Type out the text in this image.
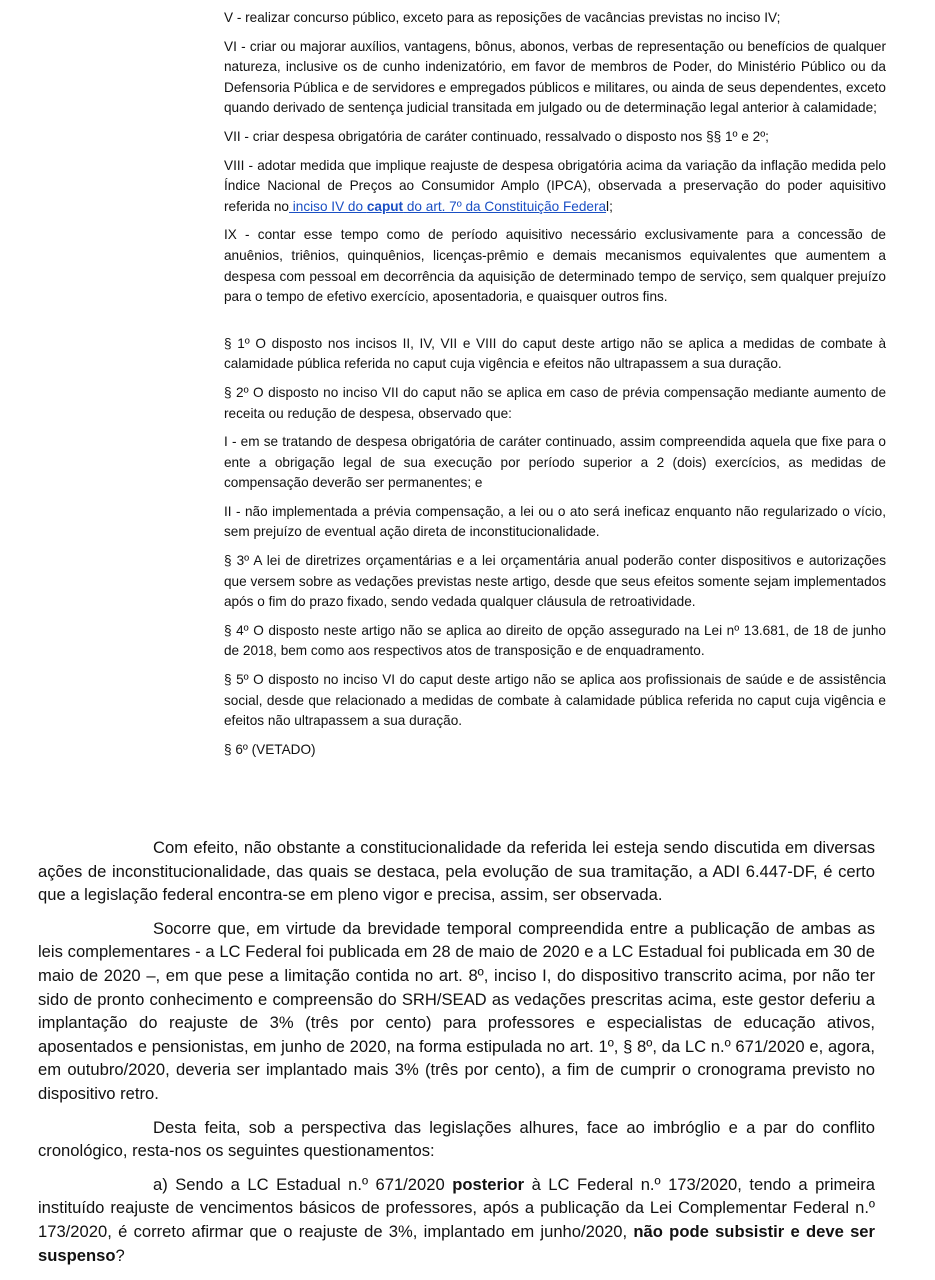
V - realizar concurso público, exceto para as reposições de vacâncias previstas no inciso IV;

VI - criar ou majorar auxílios, vantagens, bônus, abonos, verbas de representação ou benefícios de qualquer natureza, inclusive os de cunho indenizatório, em favor de membros de Poder, do Ministério Público ou da Defensoria Pública e de servidores e empregados públicos e militares, ou ainda de seus dependentes, exceto quando derivado de sentença judicial transitada em julgado ou de determinação legal anterior à calamidade;

VII - criar despesa obrigatória de caráter continuado, ressalvado o disposto nos §§ 1º e 2º;

VIII - adotar medida que implique reajuste de despesa obrigatória acima da variação da inflação medida pelo Índice Nacional de Preços ao Consumidor Amplo (IPCA), observada a preservação do poder aquisitivo referida no inciso IV do caput do art. 7º da Constituição Federal;

IX - contar esse tempo como de período aquisitivo necessário exclusivamente para a concessão de anuênios, triênios, quinquênios, licenças-prêmio e demais mecanismos equivalentes que aumentem a despesa com pessoal em decorrência da aquisição de determinado tempo de serviço, sem qualquer prejuízo para o tempo de efetivo exercício, aposentadoria, e quaisquer outros fins.

§ 1º O disposto nos incisos II, IV, VII e VIII do caput deste artigo não se aplica a medidas de combate à calamidade pública referida no caput cuja vigência e efeitos não ultrapassem a sua duração.

§ 2º O disposto no inciso VII do caput não se aplica em caso de prévia compensação mediante aumento de receita ou redução de despesa, observado que:

I - em se tratando de despesa obrigatória de caráter continuado, assim compreendida aquela que fixe para o ente a obrigação legal de sua execução por período superior a 2 (dois) exercícios, as medidas de compensação deverão ser permanentes; e

II - não implementada a prévia compensação, a lei ou o ato será ineficaz enquanto não regularizado o vício, sem prejuízo de eventual ação direta de inconstitucionalidade.

§ 3º A lei de diretrizes orçamentárias e a lei orçamentária anual poderão conter dispositivos e autorizações que versem sobre as vedações previstas neste artigo, desde que seus efeitos somente sejam implementados após o fim do prazo fixado, sendo vedada qualquer cláusula de retroatividade.

§ 4º O disposto neste artigo não se aplica ao direito de opção assegurado na Lei nº 13.681, de 18 de junho de 2018, bem como aos respectivos atos de transposição e de enquadramento.

§ 5º O disposto no inciso VI do caput deste artigo não se aplica aos profissionais de saúde e de assistência social, desde que relacionado a medidas de combate à calamidade pública referida no caput cuja vigência e efeitos não ultrapassem a sua duração.

§ 6º (VETADO)

Com efeito, não obstante a constitucionalidade da referida lei esteja sendo discutida em diversas ações de inconstitucionalidade, das quais se destaca, pela evolução de sua tramitação, a ADI 6.447-DF, é certo que a legislação federal encontra-se em pleno vigor e precisa, assim, ser observada.

Socorre que, em virtude da brevidade temporal compreendida entre a publicação de ambas as leis complementares - a LC Federal foi publicada em 28 de maio de 2020 e a LC Estadual foi publicada em 30 de maio de 2020 –, em que pese a limitação contida no art. 8º, inciso I, do dispositivo transcrito acima, por não ter sido de pronto conhecimento e compreensão do SRH/SEAD as vedações prescritas acima, este gestor deferiu a implantação do reajuste de 3% (três por cento) para professores e especialistas de educação ativos, aposentados e pensionistas, em junho de 2020, na forma estipulada no art. 1º, § 8º, da LC n.º 671/2020 e, agora, em outubro/2020, deveria ser implantado mais 3% (três por cento), a fim de cumprir o cronograma previsto no dispositivo retro.

Desta feita, sob a perspectiva das legislações alhures, face ao imbróglio e a par do conflito cronológico, resta-nos os seguintes questionamentos:

a) Sendo a LC Estadual n.º 671/2020 posterior à LC Federal n.º 173/2020, tendo a primeira instituído reajuste de vencimentos básicos de professores, após a publicação da Lei Complementar Federal n.º 173/2020, é correto afirmar que o reajuste de 3%, implantado em junho/2020, não pode subsistir e deve ser suspenso?
